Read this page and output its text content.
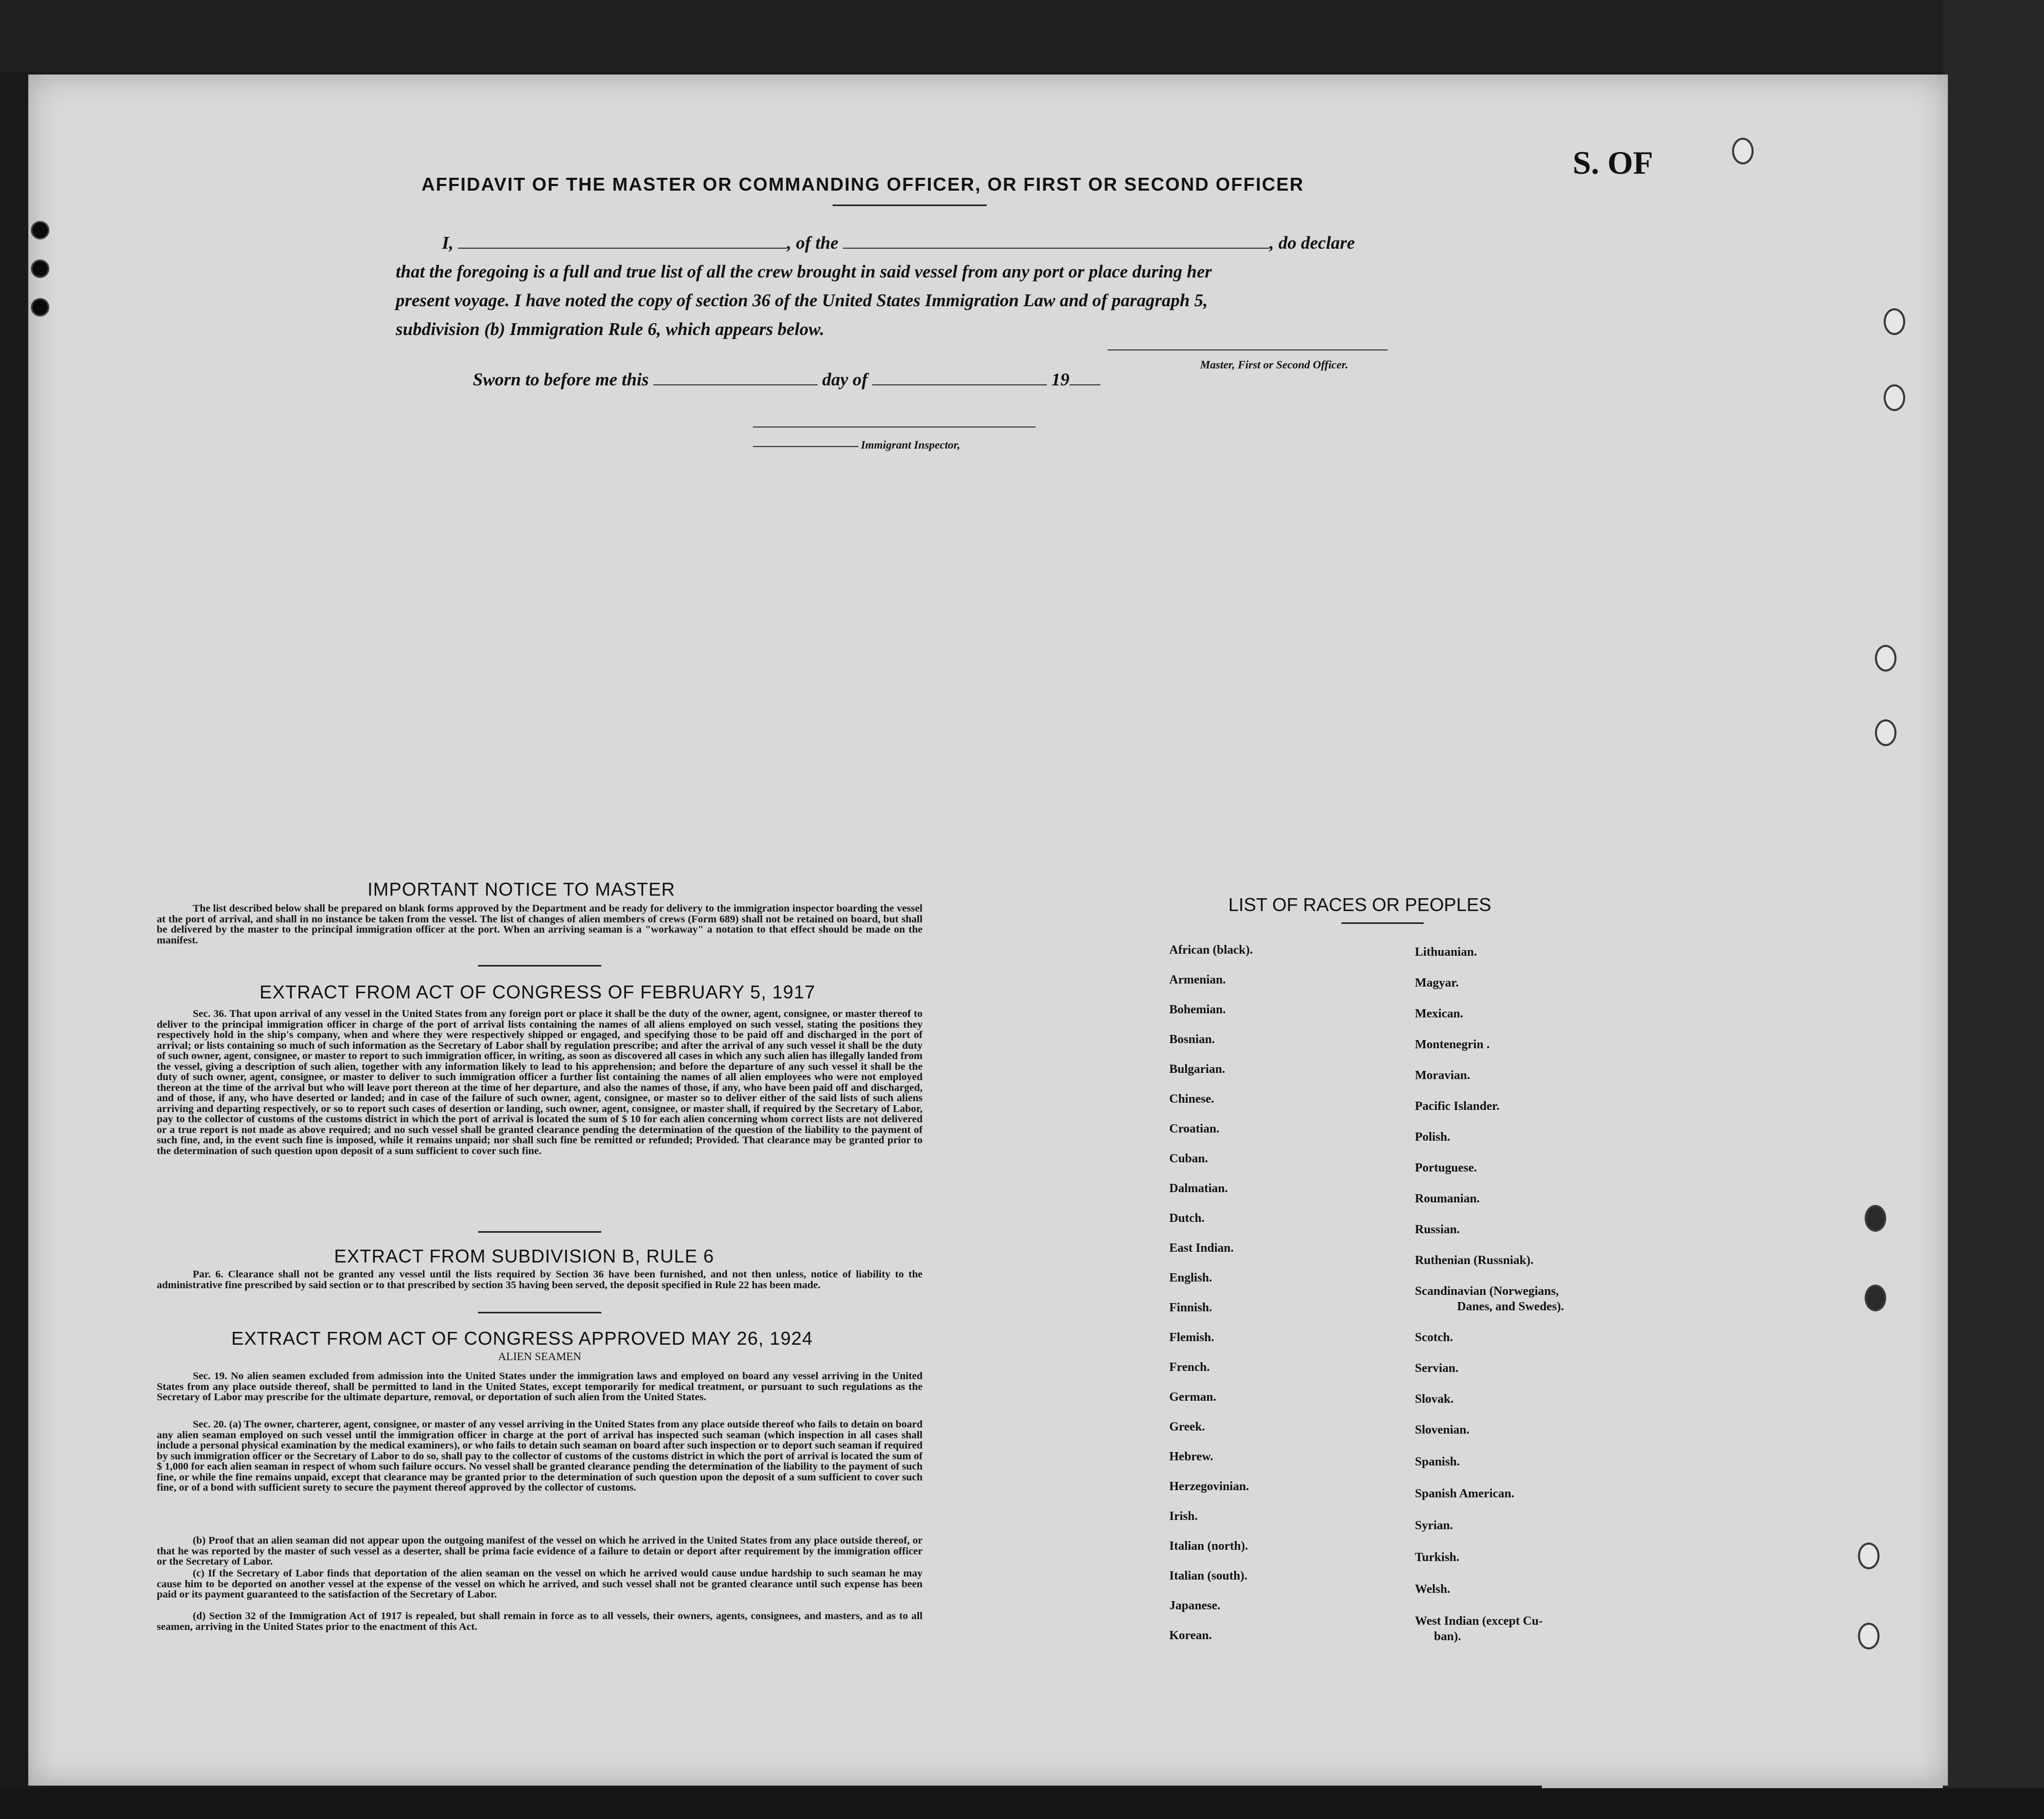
S. OF
AFFIDAVIT OF THE MASTER OR COMMANDING OFFICER, OR FIRST OR SECOND OFFICER
I,	, of the	, do declare
that the foregoing is a full and true list of all the crew brought in said vessel from any port or place during her
present voyage. I have noted the copy of section 36 of the United States Immigration Law and of paragraph 5,
subdivision (b) Immigration Rule 6, which appears below.
Master, First or Second Officer.
Sworn to before me this	day of	19
Immigrant Inspector,
IMPORTANT NOTICE TO MASTER
The list described below shall be prepared on blank forms approved by the Department and be ready for delivery to the immigration inspector boarding the vessel at the port of arrival, and shall in no instance be taken from the vessel. The list of changes of alien members of crews (Form 689) shall not be retained on board, but shall be delivered by the master to the principal immigration officer at the port. When an arriving seaman is a "workaway" a notation to that effect should be made on the manifest.
EXTRACT FROM ACT OF CONGRESS OF FEBRUARY 5, 1917
Sec. 36. That upon arrival of any vessel in the United States from any foreign port or place it shall be the duty of the owner, agent, consignee, or master thereof to deliver to the principal immigration officer in charge of the port of arrival lists containing the names of all aliens employed on such vessel, stating the positions they respectively hold in the ship's company, when and where they were respectively shipped or engaged, and specifying those to be paid off and discharged in the port of arrival; or lists containing so much of such information as the Secretary of Labor shall by regulation prescribe; and after the arrival of any such vessel it shall be the duty of such owner, agent, consignee, or master to report to such immigration officer, in writing, as soon as discovered all cases in which any such alien has illegally landed from the vessel, giving a description of such alien, together with any information likely to lead to his apprehension; and before the departure of any such vessel it shall be the duty of such owner, agent, consignee, or master to deliver to such immigration officer a further list containing the names of all alien employees who were not employed thereon at the time of the arrival but who will leave port thereon at the time of her departure, and also the names of those, if any, who have been paid off and discharged, and of those, if any, who have deserted or landed; and in case of the failure of such owner, agent, consignee, or master so to deliver either of the said lists of such aliens arriving and departing respectively, or so to report such cases of desertion or landing, such owner, agent, consignee, or master shall, if required by the Secretary of Labor, pay to the collector of customs of the customs district in which the port of arrival is located the sum of $ 10 for each alien concerning whom correct lists are not delivered or a true report is not made as above required; and no such vessel shall be granted clearance pending the determination of the question of the liability to the payment of such fine, and, in the event such fine is imposed, while it remains unpaid; nor shall such fine be remitted or refunded; Provided. That clearance may be granted prior to the determination of such question upon deposit of a sum sufficient to cover such fine.
EXTRACT FROM SUBDIVISION B, RULE 6
Par. 6. Clearance shall not be granted any vessel until the lists required by Section 36 have been furnished, and not then unless, notice of liability to the administrative fine prescribed by said section or to that prescribed by section 35 having been served, the deposit specified in Rule 22 has been made.
EXTRACT FROM ACT OF CONGRESS APPROVED MAY 26, 1924
ALIEN SEAMEN
Sec. 19. No alien seamen excluded from admission into the United States under the immigration laws and employed on board any vessel arriving in the United States from any place outside thereof, shall be permitted to land in the United States, except temporarily for medical treatment, or pursuant to such regulations as the Secretary of Labor may prescribe for the ultimate departure, removal, or deportation of such alien from the United States.
Sec. 20. (a) The owner, charterer, agent, consignee, or master of any vessel arriving in the United States from any place outside thereof who fails to detain on board any alien seaman employed on such vessel until the immigration officer in charge at the port of arrival has inspected such seaman (which inspection in all cases shall include a personal physical examination by the medical examiners), or who fails to detain such seaman on board after such inspection or to deport such seaman if required by such immigration officer or the Secretary of Labor to do so, shall pay to the collector of customs of the customs district in which the port of arrival is located the sum of $ 1,000 for each alien seaman in respect of whom such failure occurs. No vessel shall be granted clearance pending the determination of the liability to the payment of such fine, or while the fine remains unpaid, except that clearance may be granted prior to the determination of such question upon the deposit of a sum sufficient to cover such fine, or of a bond with sufficient surety to secure the payment thereof approved by the collector of customs.
(b) Proof that an alien seaman did not appear upon the outgoing manifest of the vessel on which he arrived in the United States from any place outside thereof, or that he was reported by the master of such vessel as a deserter, shall be prima facie evidence of a failure to detain or deport after requirement by the immigration officer or the Secretary of Labor.
(c) If the Secretary of Labor finds that deportation of the alien seaman on the vessel on which he arrived would cause undue hardship to such seaman he may cause him to be deported on another vessel at the expense of the vessel on which he arrived, and such vessel shall not be granted clearance until such expense has been paid or its payment guaranteed to the satisfaction of the Secretary of Labor.
(d) Section 32 of the Immigration Act of 1917 is repealed, but shall remain in force as to all vessels, their owners, agents, consignees, and masters, and as to all seamen, arriving in the United States prior to the enactment of this Act.
LIST OF RACES OR PEOPLES
African (black).
Armenian.
Bohemian.
Bosnian.
Bulgarian.
Chinese.
Croatian.
Cuban.
Dalmatian.
Dutch.
East Indian.
English.
Finnish.
Flemish.
French.
German.
Greek.
Hebrew.
Herzegovinian.
Irish.
Italian (north).
Italian (south).
Japanese.
Korean.
Lithuanian.
Magyar.
Mexican.
Montenegrin .
Moravian.
Pacific Islander.
Polish.
Portuguese.
Roumanian.
Russian.
Ruthenian (Russniak).
Scandinavian (Norwegians,
Danes, and Swedes).
Scotch.
Servian.
Slovak.
Slovenian.
Spanish.
Spanish American.
Syrian.
Turkish.
Welsh.
West Indian (except Cu-
ban).
